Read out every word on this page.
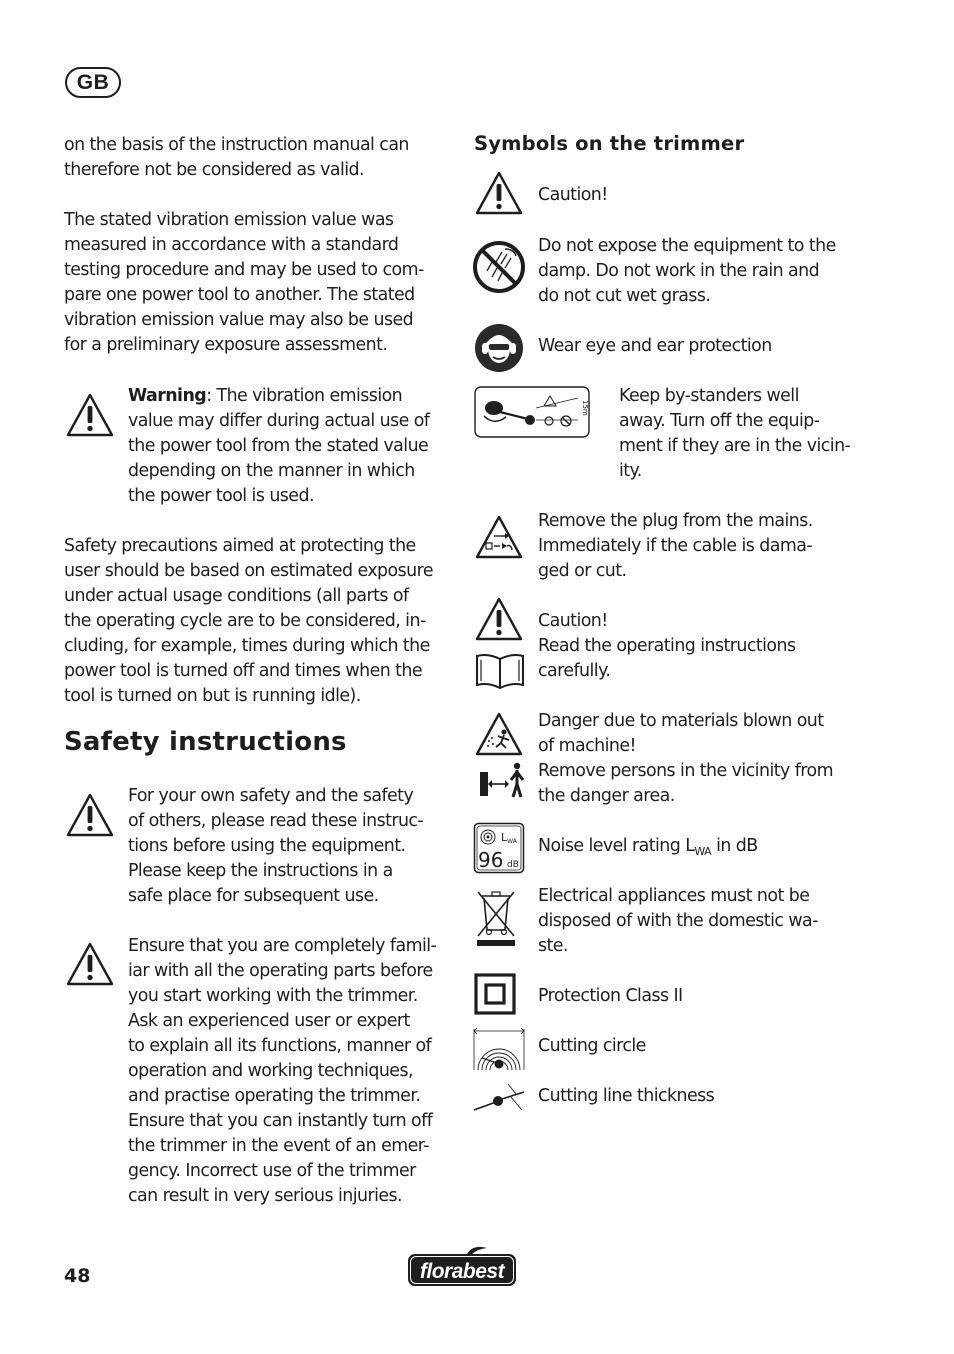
GB

on the basis of the instruction manual can

therefore not be considered as valid.

The stated vibration emission value was

measured in accordance with a standard

testing procedure and may be used to com-

pare one power tool to another. The stated

vibration emission value may also be used

for a preliminary exposure assessment.

Warning: The vibration emission

value may differ during actual use of

the power tool from the stated value

depending on the manner in which

the power tool is used.

Safety precautions aimed at protecting the

user should be based on estimated exposure

under actual usage conditions (all parts of

the operating cycle are to be considered, in-

cluding, for example, times during which the

power tool is turned off and times when the

tool is turned on but is running idle).

Safety instructions

For your own safety and the safety

of others, please read these instruc-

tions before using the equipment.

Please keep the instructions in a

safe place for subsequent use.

Ensure that you are completely famil-

iar with all the operating parts before

you start working with the trimmer.

Ask an experienced user or expert

to explain all its functions, manner of

operation and working techniques,

and practise operating the trimmer.

Ensure that you can instantly turn off

the trimmer in the event of an emer-

gency. Incorrect use of the trimmer

can result in very serious injuries.

Symbols on the trimmer

Caution!

Do not expose the equipment to the

damp. Do not work in the rain and

do not cut wet grass.

Wear eye and ear protection

15m

Keep by-standers well

away. Turn off the equip-

ment if they are in the vicin-

ity.

Remove the plug from the mains.

Immediately if the cable is dama-

ged or cut.

Caution!

Read the operating instructions

carefully.

Danger due to materials blown out

of machine!

Remove persons in the vicinity from

the danger area.

LWA
96 dB

Noise level rating $L_{WA}$ in dB

Electrical appliances must not be

disposed of with the domestic wa-

ste.

Protection Class II

Cutting circle

Cutting line thickness

48	florabest
